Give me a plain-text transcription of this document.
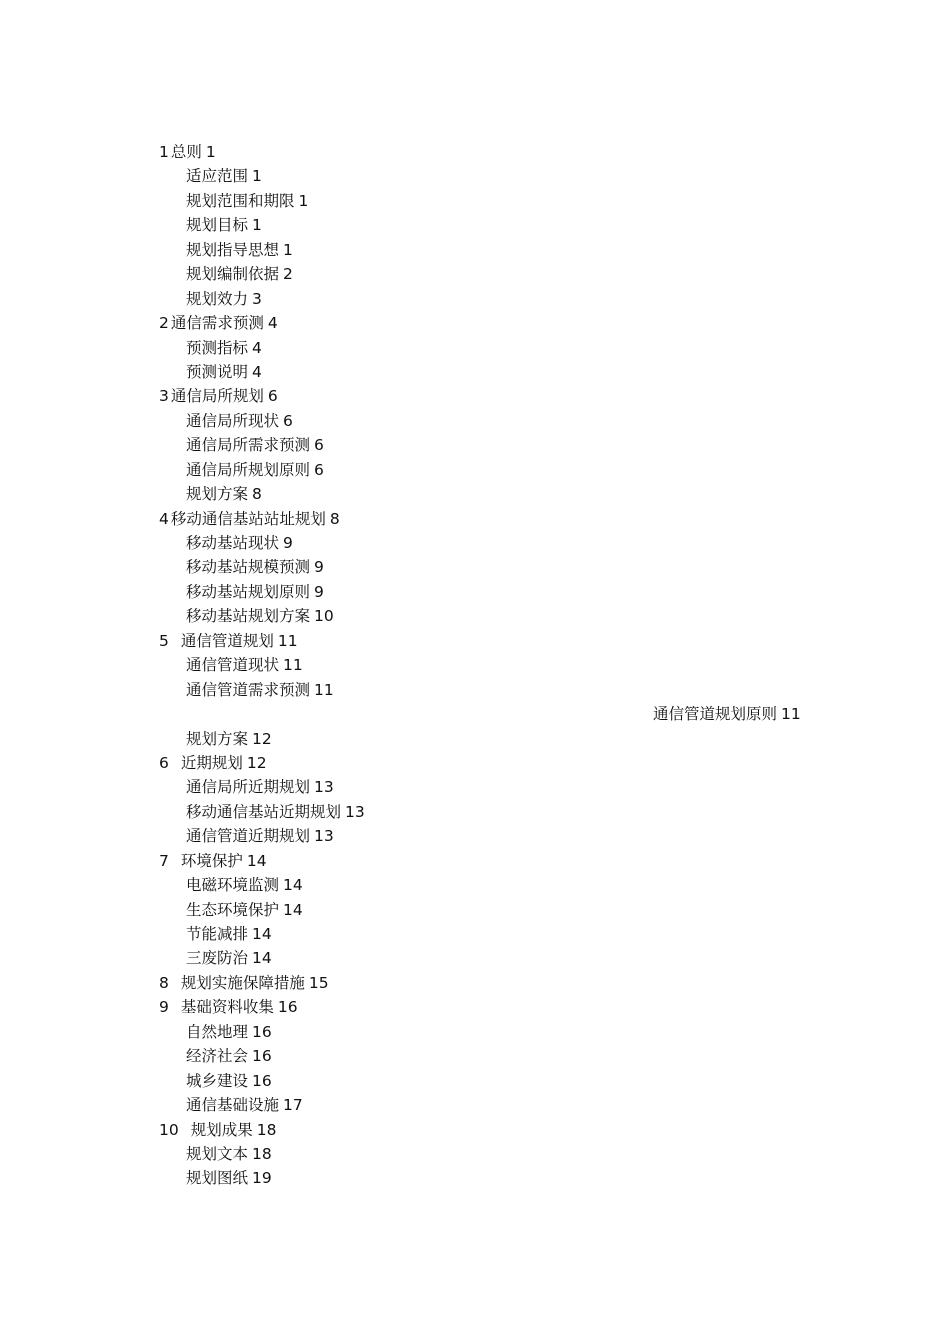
1 总则 1
适应范围 1
规划范围和期限 1
规划目标 1
规划指导思想 1
规划编制依据 2
规划效力 3
2 通信需求预测 4
预测指标 4
预测说明 4
3 通信局所规划 6
通信局所现状 6
通信局所需求预测 6
通信局所规划原则 6
规划方案 8
4 移动通信基站站址规划 8
移动基站现状 9
移动基站规模预测 9
移动基站规划原则 9
移动基站规划方案 10
5 通信管道规划 11
通信管道现状 11
通信管道需求预测 11
通信管道规划原则 11
规划方案 12
6 近期规划 12
通信局所近期规划 13
移动通信基站近期规划 13
通信管道近期规划 13
7 环境保护 14
电磁环境监测 14
生态环境保护 14
节能减排 14
三废防治 14
8 规划实施保障措施 15
9 基础资料收集 16
自然地理 16
经济社会 16
城乡建设 16
通信基础设施 17
10 规划成果 18
规划文本 18
规划图纸 19
